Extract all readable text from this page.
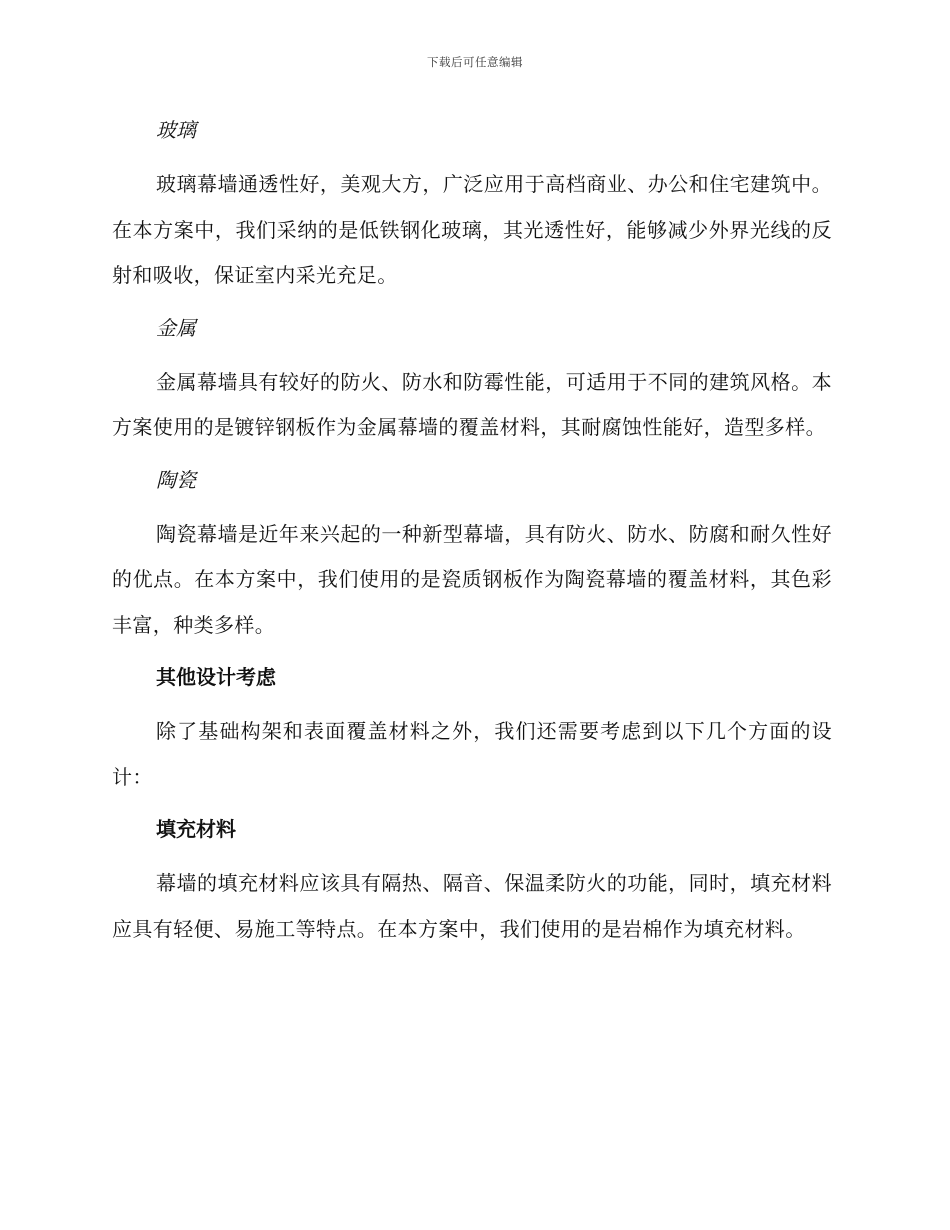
下载后可任意编辑
玻璃

玻璃幕墙通透性好，美观大方，广泛应用于高档商业、办公和住宅建筑中。在本方案中，我们采纳的是低铁钢化玻璃，其光透性好，能够减少外界光线的反射和吸收，保证室内采光充足。

金属

金属幕墙具有较好的防火、防水和防霉性能，可适用于不同的建筑风格。本方案使用的是镀锌钢板作为金属幕墙的覆盖材料，其耐腐蚀性能好，造型多样。

陶瓷

陶瓷幕墙是近年来兴起的一种新型幕墙，具有防火、防水、防腐和耐久性好的优点。在本方案中，我们使用的是瓷质钢板作为陶瓷幕墙的覆盖材料，其色彩丰富，种类多样。

其他设计考虑

除了基础构架和表面覆盖材料之外，我们还需要考虑到以下几个方面的设计：

填充材料

幕墙的填充材料应该具有隔热、隔音、保温柔防火的功能，同时，填充材料应具有轻便、易施工等特点。在本方案中，我们使用的是岩棉作为填充材料。
